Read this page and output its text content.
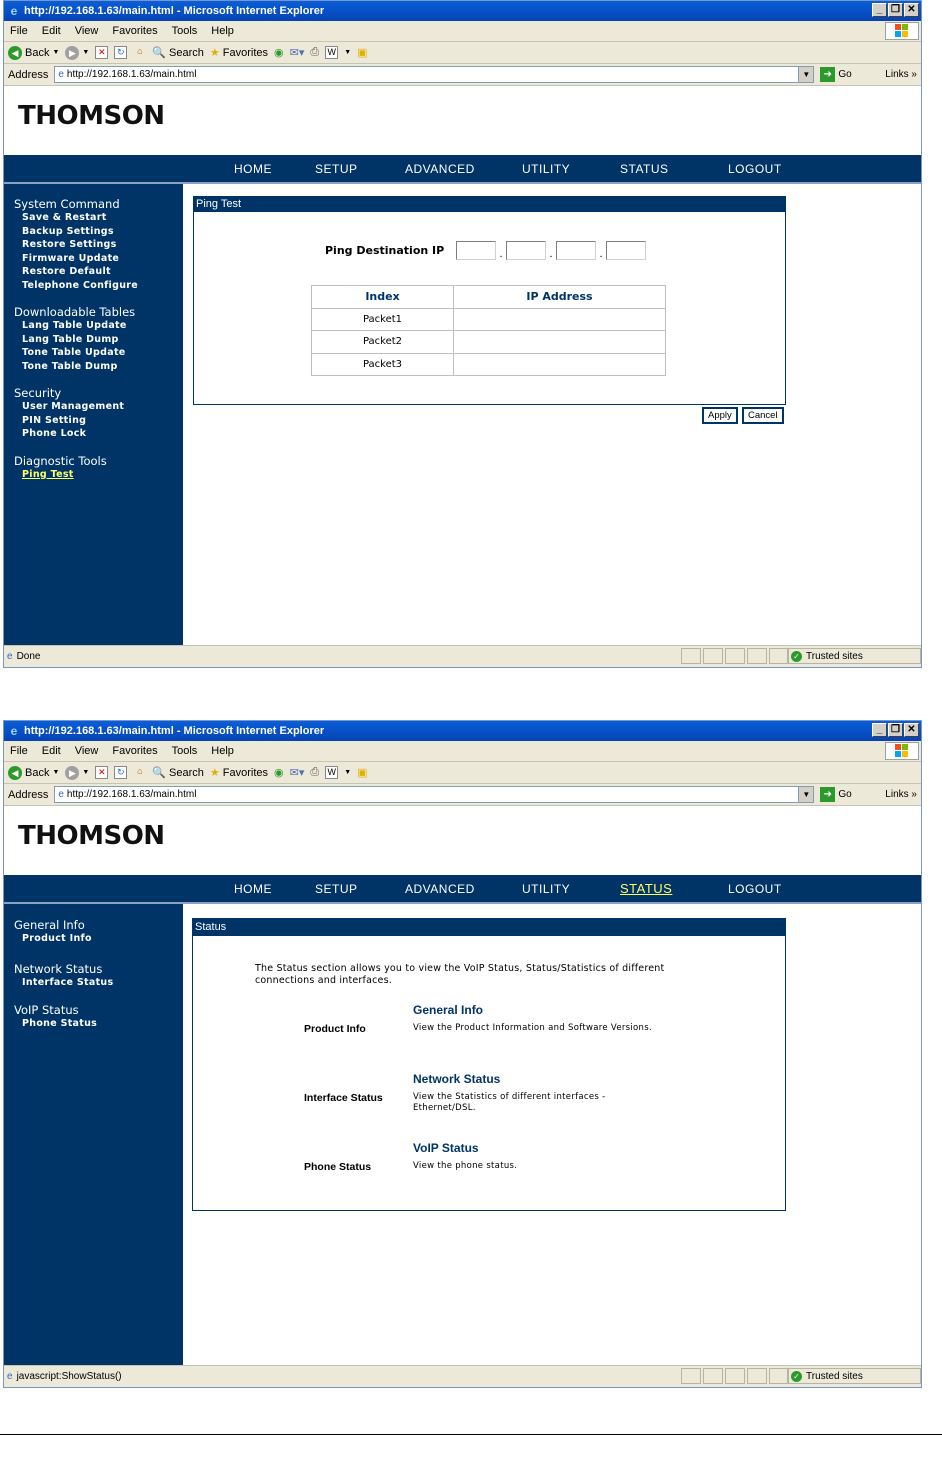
e http://192.168.1.63/main.html - Microsoft Internet Explorer	_ ❐ ✕
File Edit View Favorites Tools Help
◀ Back ▼	▶ ▼ ✕	↻	⌂ 🔍 Search ★ Favorites ◉ ✉▾ ⎙ W	▼ ▣
Address e http://192.168.1.63/main.html	▼	➔ Go	Links »
THOMSON
HOME	SETUP	ADVANCED	UTILITY	STATUS	LOGOUT
System Command
Save & Restart
Backup Settings
Restore Settings
Firmware Update
Restore Default
Telephone Configure
Downloadable Tables
Lang Table Update
Lang Table Dump
Tone Table Update
Tone Table Dump
Security
User Management
PIN Setting
Phone Lock
Diagnostic Tools
Ping Test
Ping Test
Ping Destination IP	.	.	.
Index	IP Address
Packet1	
Packet2	
Packet3	
Apply	Cancel
e Done	✓ Trusted sites
e http://192.168.1.63/main.html - Microsoft Internet Explorer	_ ❐ ✕
File Edit View Favorites Tools Help
◀ Back ▼	▶ ▼ ✕	↻	⌂ 🔍 Search ★ Favorites ◉ ✉▾ ⎙ W	▼ ▣
Address e http://192.168.1.63/main.html	▼	➔ Go	Links »
THOMSON
HOME	SETUP	ADVANCED	UTILITY	STATUS	LOGOUT
General Info
Product Info
Network Status
Interface Status
VoIP Status
Phone Status
Status
The Status section allows you to view the VoIP Status, Status/Statistics of different connections and interfaces.
General Info
Product Info	View the Product Information and Software Versions.
Network Status
Interface Status	View the Statistics of different interfaces - Ethernet/DSL.
VoIP Status
Phone Status	View the phone status.
e javascript:ShowStatus()	✓ Trusted sites
